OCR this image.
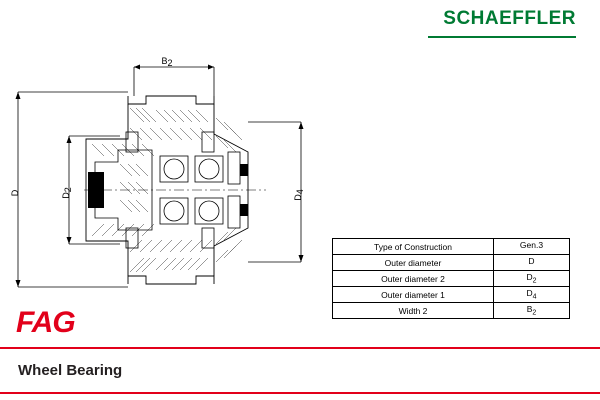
SCHAEFFLER
B2
D	D2
D4
Type of Construction	Gen.3
Outer diameter	D
Outer diameter 2	$D_2$
Outer diameter 1	$D_4$
Width 2	$B_2$
FAG
Wheel Bearing
